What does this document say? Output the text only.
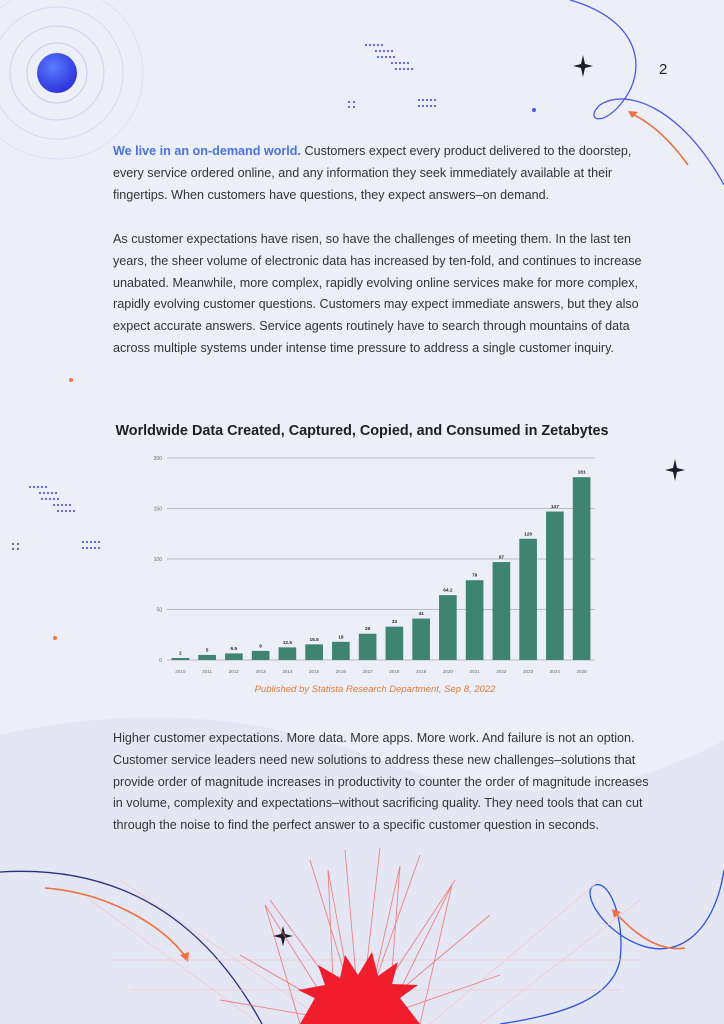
2

We live in an on-demand world. Customers expect every product delivered to the doorstep, every service ordered online, and any information they seek immediately available at their fingertips. When customers have questions, they expect answers–on demand.

As customer expectations have risen, so have the challenges of meeting them. In the last ten years, the sheer volume of electronic data has increased by ten-fold, and continues to increase unabated. Meanwhile, more complex, rapidly evolving online services make for more complex, rapidly evolving customer questions. Customers may expect immediate answers, but they also expect accurate answers. Service agents routinely have to search through mountains of data across multiple systems under intense time pressure to address a single customer inquiry.

Worldwide Data Created, Captured, Copied, and Consumed in Zetabytes
0
50
100
150
200
2
2010
5
2011
6.5
2012
9
2013
12.5
2014
15.5
2015
18
2016
26
2017
33
2018
41
2019
64.2
2020
79
2021
97
2022
120
2023
147
2024
181
2025
Published by Statista Research Department, Sep 8, 2022

Higher customer expectations. More data. More apps. More work. And failure is not an option. Customer service leaders need new solutions to address these new challenges–solutions that provide order of magnitude increases in productivity to counter the order of magnitude increases in volume, complexity and expectations–without sacrificing quality. They need tools that can cut through the noise to find the perfect answer to a specific customer question in seconds.
